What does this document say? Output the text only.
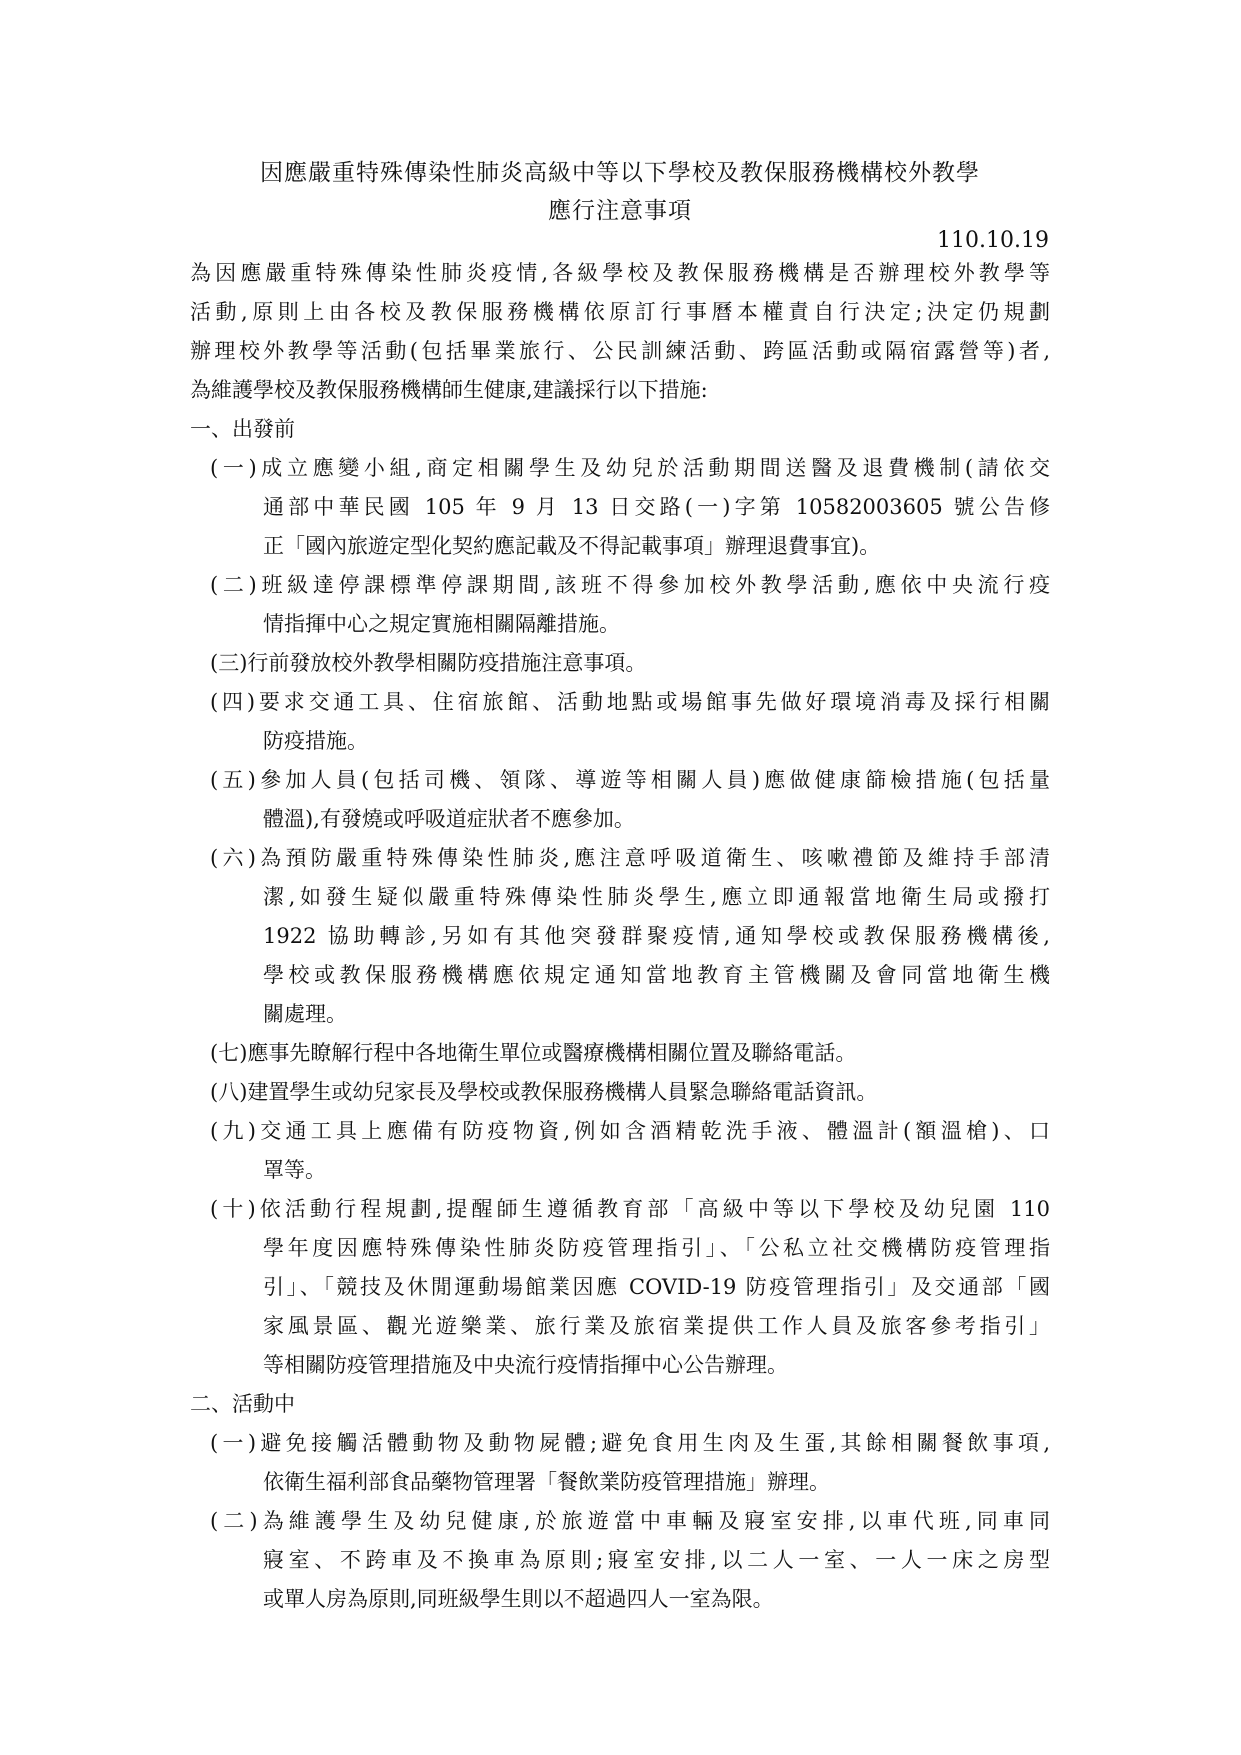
因應嚴重特殊傳染性肺炎高級中等以下學校及教保服務機構校外教學
應行注意事項
110.10.19
為因應嚴重特殊傳染性肺炎疫情,各級學校及教保服務機構是否辦理校外教學等
活動,原則上由各校及教保服務機構依原訂行事曆本權責自行決定;決定仍規劃
辦理校外教學等活動(包括畢業旅行、公民訓練活動、跨區活動或隔宿露營等)者,
為維護學校及教保服務機構師生健康,建議採行以下措施:
一、出發前
(一)成立應變小組,商定相關學生及幼兒於活動期間送醫及退費機制(請依交
通部中華民國 105 年 9 月 13 日交路(一)字第 10582003605 號公告修
正「國內旅遊定型化契約應記載及不得記載事項」辦理退費事宜)。
(二)班級達停課標準停課期間,該班不得參加校外教學活動,應依中央流行疫
情指揮中心之規定實施相關隔離措施。
(三)行前發放校外教學相關防疫措施注意事項。
(四)要求交通工具、住宿旅館、活動地點或場館事先做好環境消毒及採行相關
防疫措施。
(五)參加人員(包括司機、領隊、導遊等相關人員)應做健康篩檢措施(包括量
體溫),有發燒或呼吸道症狀者不應參加。
(六)為預防嚴重特殊傳染性肺炎,應注意呼吸道衛生、咳嗽禮節及維持手部清
潔,如發生疑似嚴重特殊傳染性肺炎學生,應立即通報當地衛生局或撥打
1922 協助轉診,另如有其他突發群聚疫情,通知學校或教保服務機構後,
學校或教保服務機構應依規定通知當地教育主管機關及會同當地衛生機
關處理。
(七)應事先瞭解行程中各地衛生單位或醫療機構相關位置及聯絡電話。
(八)建置學生或幼兒家長及學校或教保服務機構人員緊急聯絡電話資訊。
(九)交通工具上應備有防疫物資,例如含酒精乾洗手液、體溫計(額溫槍)、口
罩等。
(十)依活動行程規劃,提醒師生遵循教育部「高級中等以下學校及幼兒園 110
學年度因應特殊傳染性肺炎防疫管理指引」、「公私立社交機構防疫管理指
引」、「競技及休閒運動場館業因應 COVID-19 防疫管理指引」及交通部「國
家風景區、觀光遊樂業、旅行業及旅宿業提供工作人員及旅客參考指引」
等相關防疫管理措施及中央流行疫情指揮中心公告辦理。
二、活動中
(一)避免接觸活體動物及動物屍體;避免食用生肉及生蛋,其餘相關餐飲事項,
依衛生福利部食品藥物管理署「餐飲業防疫管理措施」辦理。
(二)為維護學生及幼兒健康,於旅遊當中車輛及寢室安排,以車代班,同車同
寢室、不跨車及不換車為原則;寢室安排,以二人一室、一人一床之房型
或單人房為原則,同班級學生則以不超過四人一室為限。
